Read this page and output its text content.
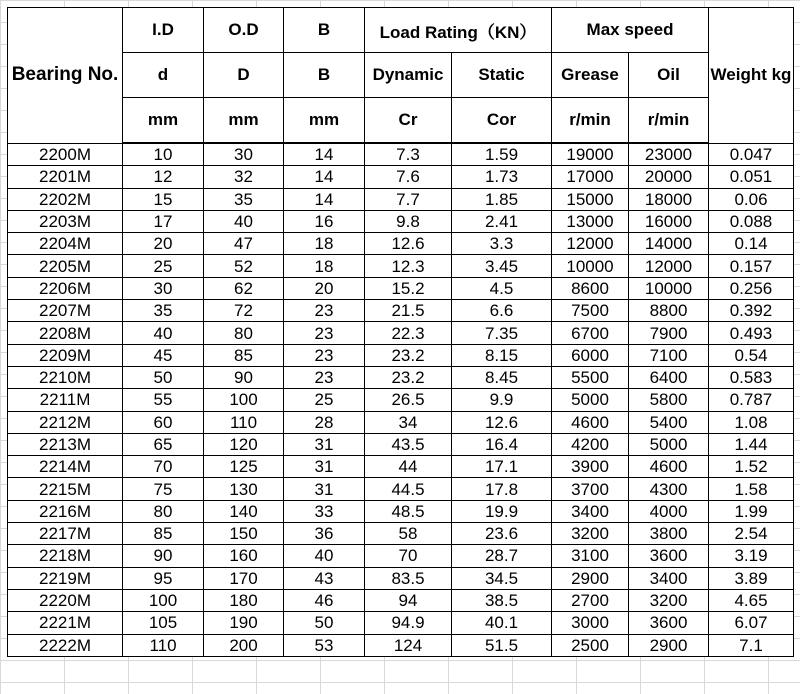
Bearing No.	I.D	O.D	B	Load Rating（KN）		Max speed		Weight kg
	d	D	B	Dynamic	Static	Grease	Oil	
	mm	mm	mm	Cr	Cor	r/min	r/min	
2200M	10	30	14	7.3	1.59	19000	23000	0.047
2201M	12	32	14	7.6	1.73	17000	20000	0.051
2202M	15	35	14	7.7	1.85	15000	18000	0.06
2203M	17	40	16	9.8	2.41	13000	16000	0.088
2204M	20	47	18	12.6	3.3	12000	14000	0.14
2205M	25	52	18	12.3	3.45	10000	12000	0.157
2206M	30	62	20	15.2	4.5	8600	10000	0.256
2207M	35	72	23	21.5	6.6	7500	8800	0.392
2208M	40	80	23	22.3	7.35	6700	7900	0.493
2209M	45	85	23	23.2	8.15	6000	7100	0.54
2210M	50	90	23	23.2	8.45	5500	6400	0.583
2211M	55	100	25	26.5	9.9	5000	5800	0.787
2212M	60	110	28	34	12.6	4600	5400	1.08
2213M	65	120	31	43.5	16.4	4200	5000	1.44
2214M	70	125	31	44	17.1	3900	4600	1.52
2215M	75	130	31	44.5	17.8	3700	4300	1.58
2216M	80	140	33	48.5	19.9	3400	4000	1.99
2217M	85	150	36	58	23.6	3200	3800	2.54
2218M	90	160	40	70	28.7	3100	3600	3.19
2219M	95	170	43	83.5	34.5	2900	3400	3.89
2220M	100	180	46	94	38.5	2700	3200	4.65
2221M	105	190	50	94.9	40.1	3000	3600	6.07
2222M	110	200	53	124	51.5	2500	2900	7.1
